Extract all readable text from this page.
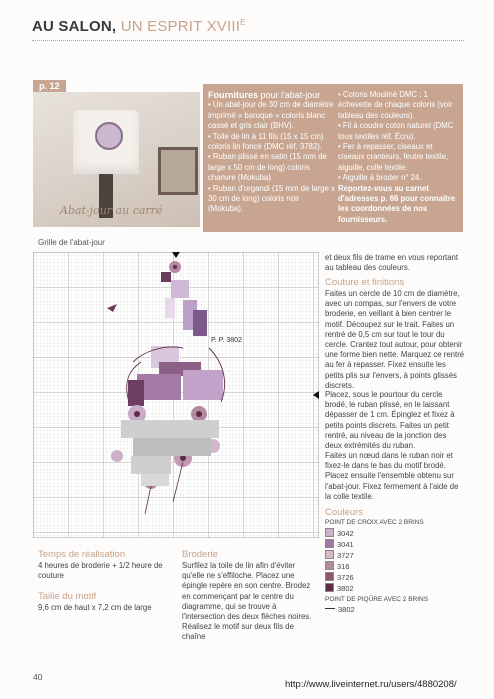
AU SALON, UN ESPRIT $XVIII^E$
p. 12
Abat-jour au carré
Fournitures pour l'abat-jour
• Un abat-jour de 30 cm de diamètre imprimé « baroque » coloris blanc cassé et gris clair (BHV).
• Toile de lin à 11 fils (15 x 15 cm) coloris lin foncé (DMC réf. 3782).
• Ruban plissé en satin (15 mm de large x 50 cm de long) coloris chanvre (Mokuba).
• Ruban d'organdi (15 mm de large x 30 cm de long) coloris noir (Mokuba).
• Cotons Mouliné DMC : 1 échevette de chaque coloris (voir tableau des couleurs).
• Fil à coudre coton naturel (DMC tous textiles réf. Écru).
• Fer à repasser, ciseaux et ciseaux cranteurs, feutre textile, aiguille, colle textile.
• Aiguille à broder n° 24.
Reportez-vous au carnet d'adresses p. 66 pour connaître les coordonnées de nos fournisseurs.
Grille de l'abat-jour
P. P. 3802
et deux fils de trame en vous reportant au tableau des couleurs.
Couture et finitions
Faites un cercle de 10 cm de diamètre, avec un compas, sur l'envers de votre broderie, en veillant à bien centrer le motif. Découpez sur le trait. Faites un rentré de 0,5 cm sur tout le tour du cercle. Crantez tout autour, pour obtenir une forme bien nette. Marquez ce rentré au fer à repasser. Fixez ensuite les petits plis sur l'envers, à points glissés discrets.
Placez, sous le pourtour du cercle brodé, le ruban plissé, en le laissant dépasser de 1 cm. Épinglez et fixez à petits points discrets. Faites un petit rentré, au niveau de la jonction des deux extrémités du ruban.
Faites un nœud dans le ruban noir et fixez-le dans le bas du motif brodé. Placez ensuite l'ensemble obtenu sur l'abat-jour. Fixez fermement à l'aide de la colle textile.
Couleurs
POINT DE CROIX AVEC 2 BRINS
3042
3041
3727
316
3726
3802
POINT DE PIQÛRE AVEC 2 BRINS
3802
Temps de réalisation
4 heures de broderie + 1/2 heure de couture
Taille du motif
9,6 cm de haut x 7,2 cm de large
Broderie
Surfilez la toile de lin afin d'éviter qu'elle ne s'effiloche. Placez une épingle repère en son centre. Brodez en commençant par le centre du diagramme, qui se trouve à l'intersection des deux flèches noires. Réalisez le motif sur deux fils de chaîne
40
http://www.liveinternet.ru/users/4880208/
